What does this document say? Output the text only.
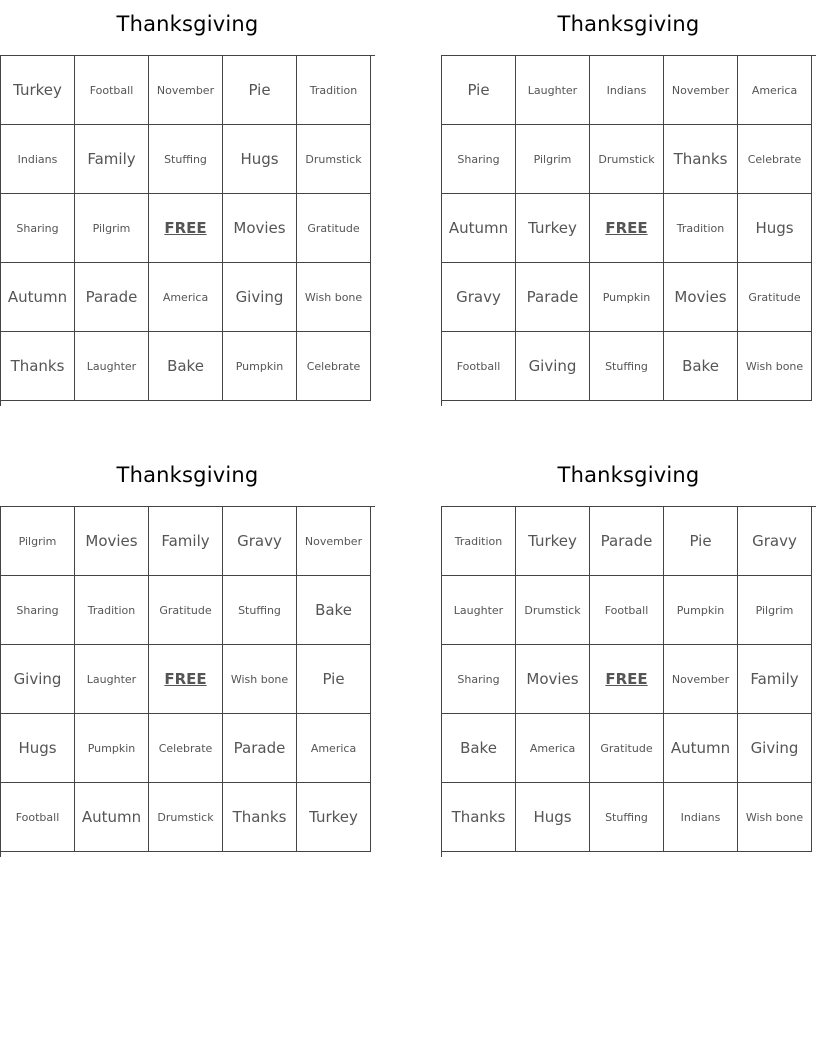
Thanksgiving
Turkey	Football	November	Pie	Tradition
Indians	Family	Stuffing	Hugs	Drumstick
Sharing	Pilgrim	FREE	Movies	Gratitude
Autumn	Parade	America	Giving	Wish bone
Thanks	Laughter	Bake	Pumpkin	Celebrate
Thanksgiving
Pie	Laughter	Indians	November	America
Sharing	Pilgrim	Drumstick	Thanks	Celebrate
Autumn	Turkey	FREE	Tradition	Hugs
Gravy	Parade	Pumpkin	Movies	Gratitude
Football	Giving	Stuffing	Bake	Wish bone
Thanksgiving
Pilgrim	Movies	Family	Gravy	November
Sharing	Tradition	Gratitude	Stuffing	Bake
Giving	Laughter	FREE	Wish bone	Pie
Hugs	Pumpkin	Celebrate	Parade	America
Football	Autumn	Drumstick	Thanks	Turkey
Thanksgiving
Tradition	Turkey	Parade	Pie	Gravy
Laughter	Drumstick	Football	Pumpkin	Pilgrim
Sharing	Movies	FREE	November	Family
Bake	America	Gratitude	Autumn	Giving
Thanks	Hugs	Stuffing	Indians	Wish bone
